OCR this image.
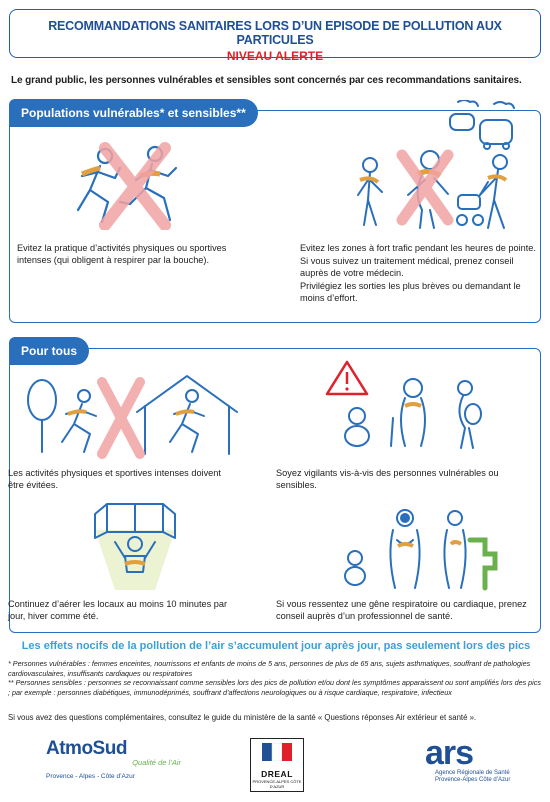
RECOMMANDATIONS SANITAIRES LORS D’UN EPISODE DE POLLUTION AUX PARTICULES
NIVEAU ALERTE
Le grand public, les personnes vulnérables et sensibles sont concernés par ces recommandations sanitaires.
Populations vulnérables* et sensibles**
Evitez la pratique d’activités physiques ou sportives intenses (qui obligent à respirer par la bouche).

Evitez les zones à fort trafic pendant les heures de pointe.

Si vous suivez un traitement médical, prenez conseil auprès de votre médecin.

Privilégiez les sorties les plus brèves ou demandant le moins d’effort.

Pour tous
Les activités physiques et sportives intenses doivent être évitées.
Soyez vigilants vis-à-vis des personnes vulnérables ou sensibles.
Continuez d’aérer les locaux au moins 10 minutes par jour, hiver comme été.
Si vous ressentez une gêne respiratoire ou cardiaque, prenez conseil auprès d’un professionnel de santé.
Les effets nocifs de la pollution de l’air s’accumulent jour après jour, pas seulement lors des pics

* Personnes vulnérables : femmes enceintes, nourrissons et enfants de moins de 5 ans, personnes de plus de 65 ans, sujets asthmatiques, souffrant de pathologies cardiovasculaires, insuffisants cardiaques ou respiratoires

** Personnes sensibles : personnes se reconnaissant comme sensibles lors des pics de pollution et/ou dont les symptômes apparaissent ou sont amplifiés lors des pics ; par exemple : personnes diabétiques, immunodéprimés, souffrant d’affections neurologiques ou à risque cardiaque, respiratoire, infectieux

Si vous avez des questions complémentaires, consultez le guide du ministère de la santé « Questions réponses Air extérieur et santé ».
AtmoSud
Qualité de l’Air
Provence - Alpes - Côte d’Azur	DREAL
PROVENCE-ALPES CÔTE D’AZUR
ars
Agence Régionale de Santé Provence-Alpes Côte d’Azur
